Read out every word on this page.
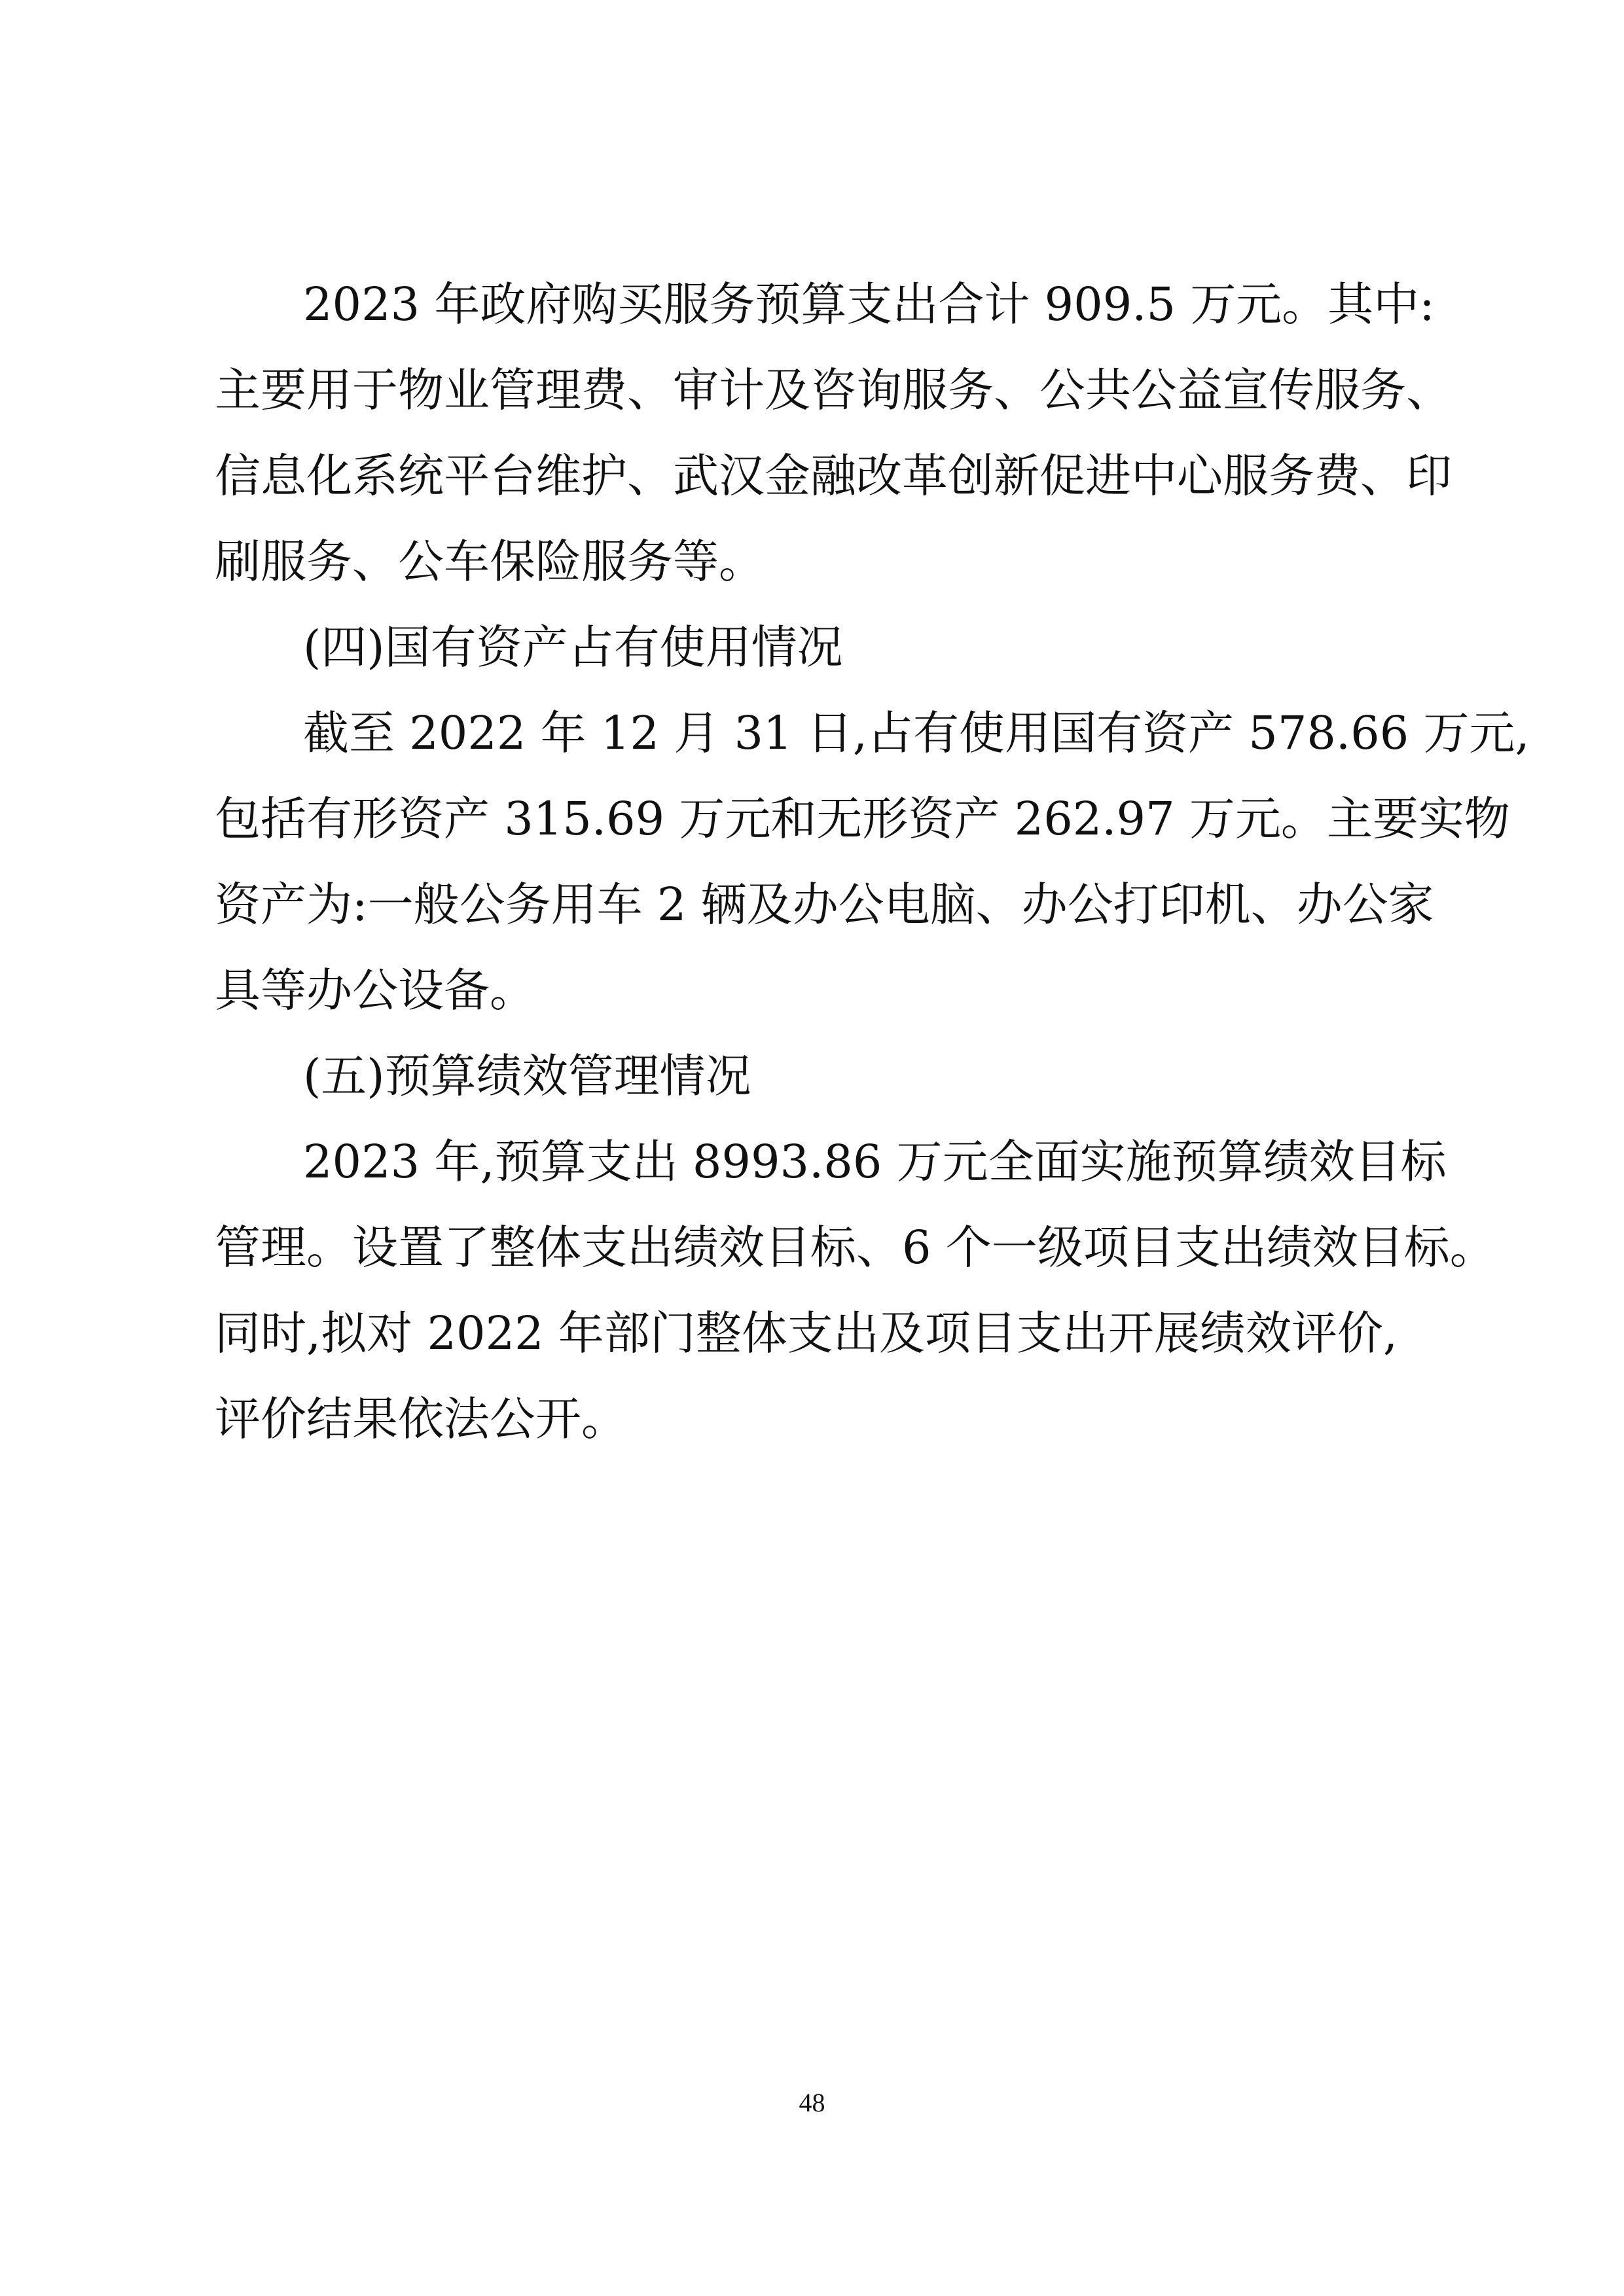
2023 年政府购买服务预算支出合计 909.5 万元。其中:
主要用于物业管理费、审计及咨询服务、公共公益宣传服务、
信息化系统平台维护、武汉金融改革创新促进中心服务费、印
刷服务、公车保险服务等。
(四)国有资产占有使用情况
截至 2022 年 12 月 31 日,占有使用国有资产 578.66 万元,
包括有形资产 315.69 万元和无形资产 262.97 万元。主要实物
资产为:一般公务用车 2 辆及办公电脑、办公打印机、办公家
具等办公设备。
(五)预算绩效管理情况
2023 年,预算支出 8993.86 万元全面实施预算绩效目标
管理。设置了整体支出绩效目标、6 个一级项目支出绩效目标。
同时,拟对 2022 年部门整体支出及项目支出开展绩效评价,
评价结果依法公开。
48
